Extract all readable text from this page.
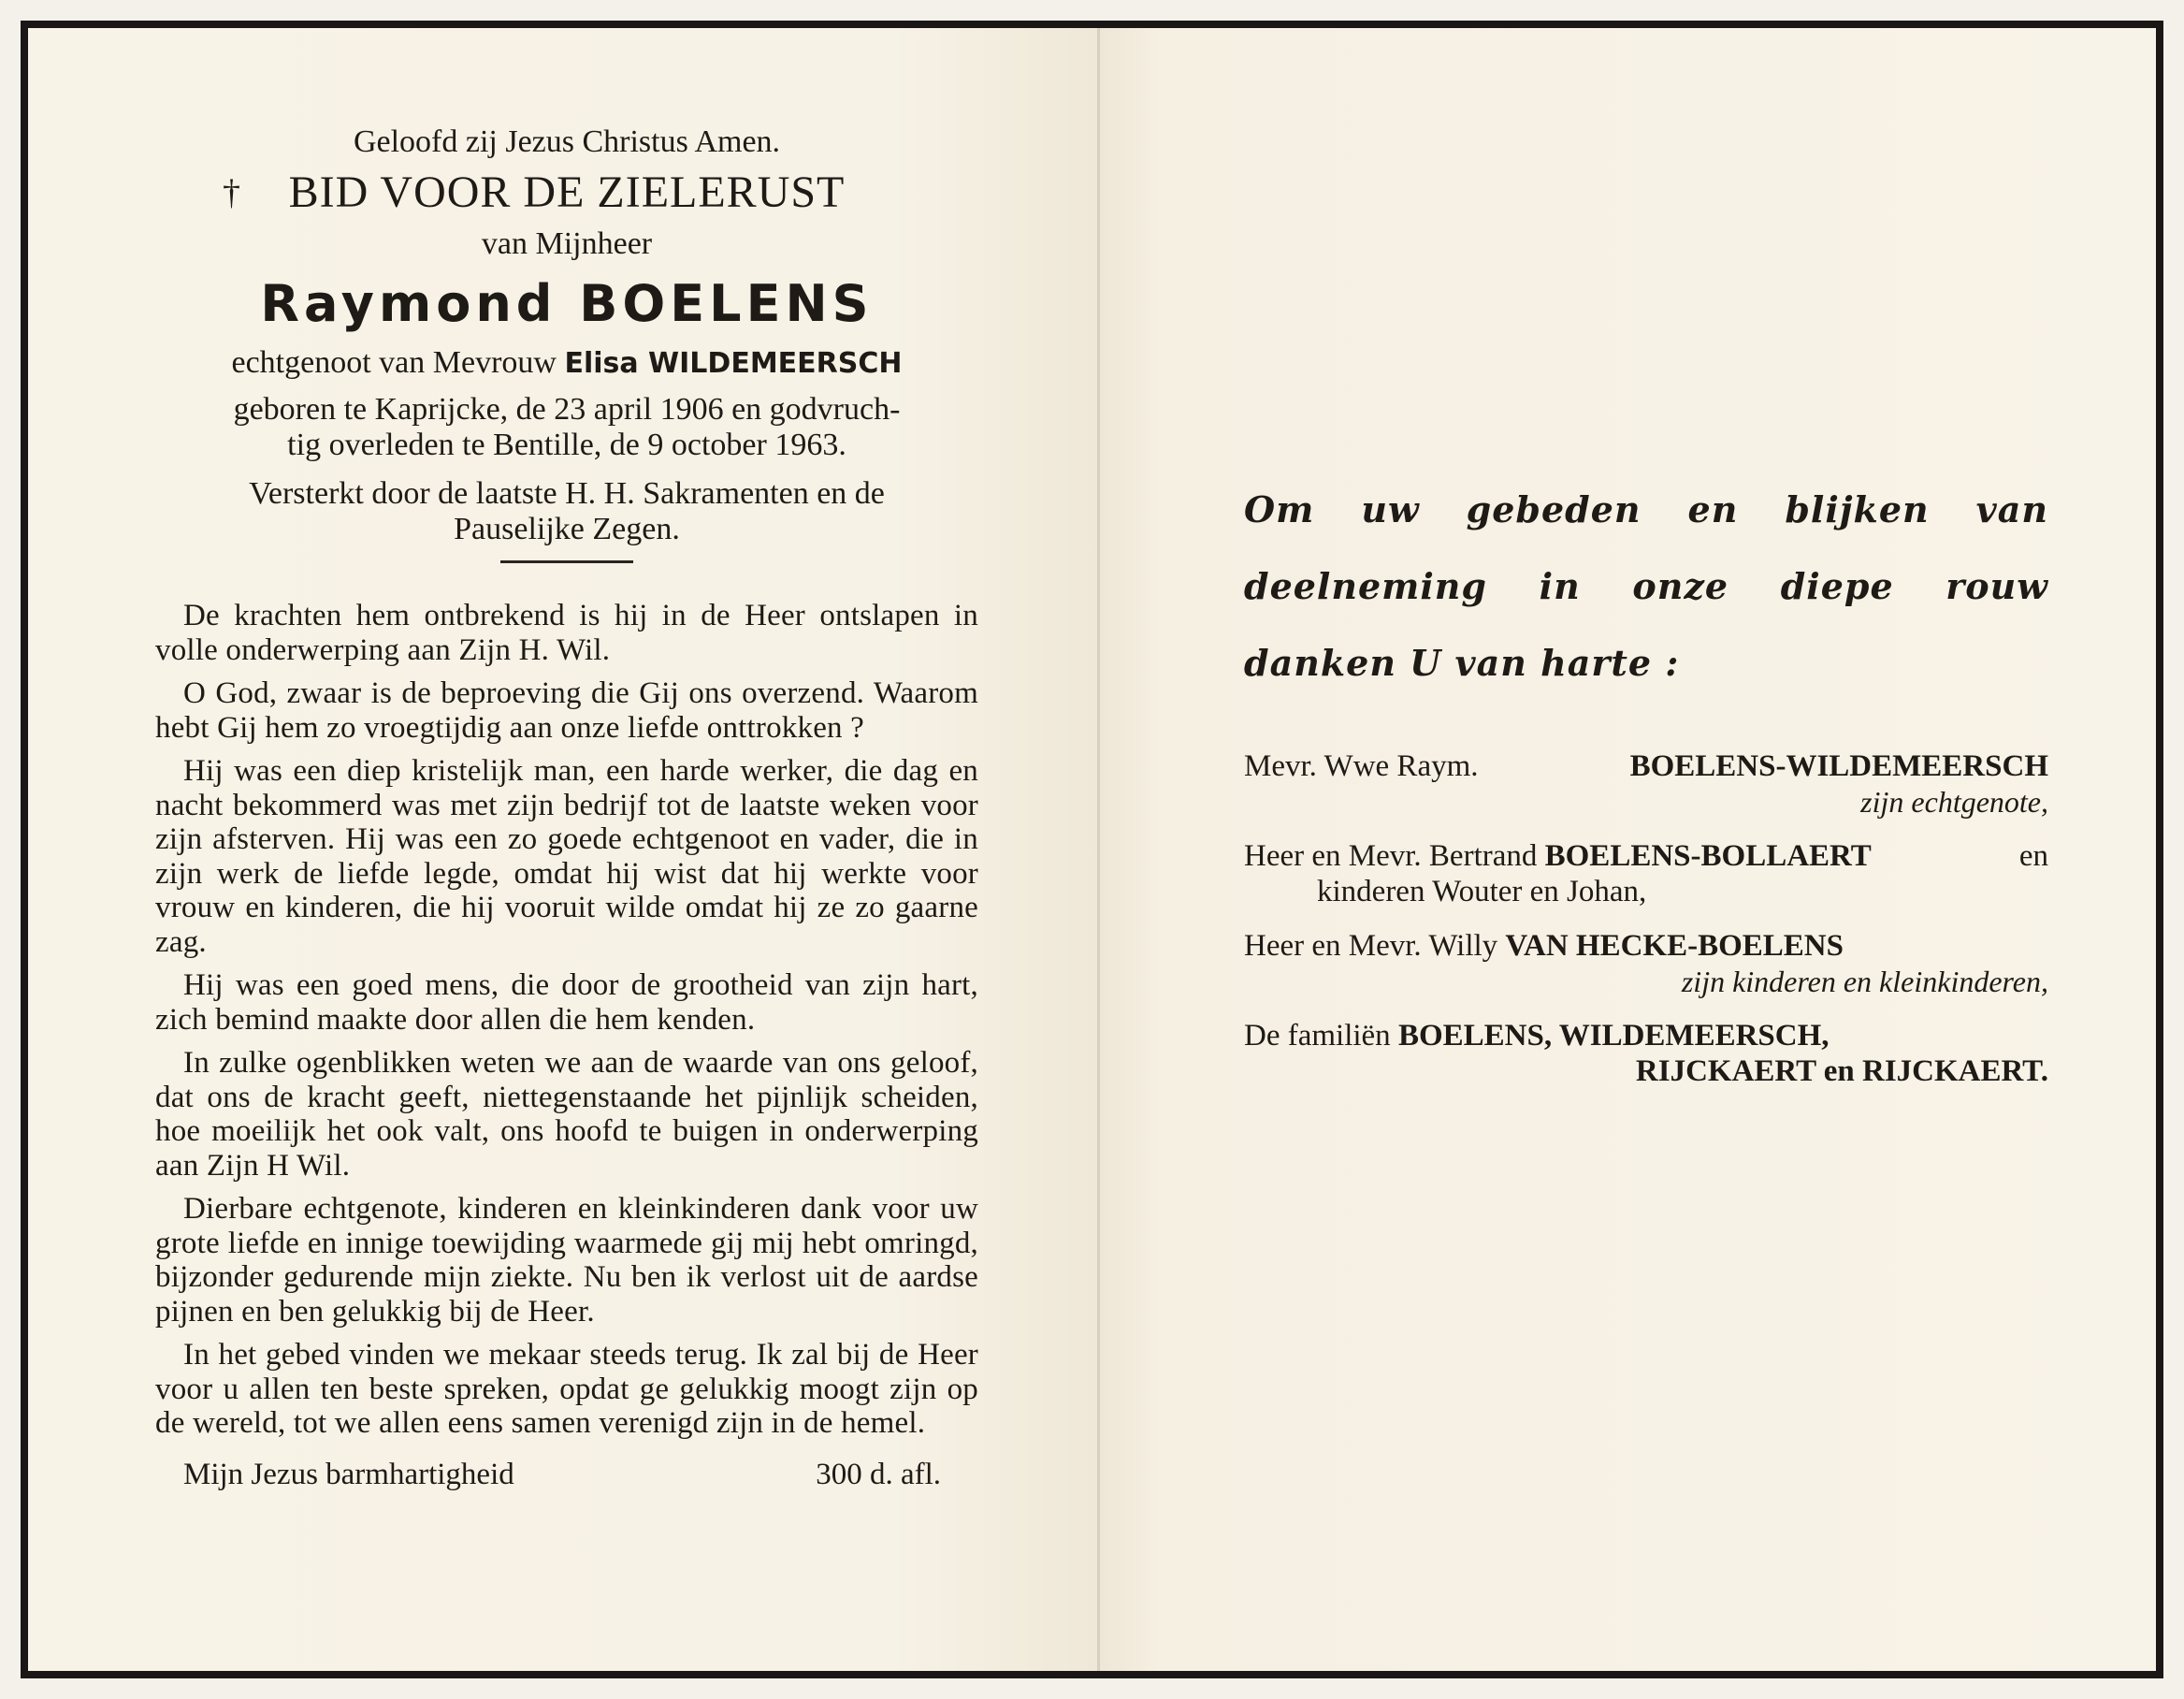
Geloofd zij Jezus Christus Amen.

† BID VOOR DE ZIELERUST

van Mijnheer

Raymond BOELENS

echtgenoot van Mevrouw Elisa WILDEMEERSCH

geboren te Kaprijcke, de 23 april 1906 en godvruch-
tig overleden te Bentille, de 9 october 1963.

Versterkt door de laatste H. H. Sakramenten en de
Pauselijke Zegen.

De krachten hem ontbrekend is hij in de Heer ontslapen in volle onderwerping aan Zijn H. Wil.

O God, zwaar is de beproeving die Gij ons overzend. Waarom hebt Gij hem zo vroegtijdig aan onze liefde onttrokken ?

Hij was een diep kristelijk man, een harde werker, die dag en nacht bekommerd was met zijn bedrijf tot de laatste weken voor zijn afsterven. Hij was een zo goede echtgenoot en vader, die in zijn werk de liefde legde, omdat hij wist dat hij werkte voor vrouw en kinderen, die hij vooruit wilde omdat hij ze zo gaarne zag.

Hij was een goed mens, die door de grootheid van zijn hart, zich bemind maakte door allen die hem kenden.

In zulke ogenblikken weten we aan de waarde van ons geloof, dat ons de kracht geeft, niettegenstaande het pijnlijk scheiden, hoe moeilijk het ook valt, ons hoofd te buigen in onderwerping aan Zijn H Wil.

Dierbare echtgenote, kinderen en kleinkinderen dank voor uw grote liefde en innige toewijding waarmede gij mij hebt omringd, bijzonder gedurende mijn ziekte. Nu ben ik verlost uit de aardse pijnen en ben gelukkig bij de Heer.

In het gebed vinden we mekaar steeds terug. Ik zal bij de Heer voor u allen ten beste spreken, opdat ge gelukkig moogt zijn op de wereld, tot we allen eens samen verenigd zijn in de hemel.

Mijn Jezus barmhartigheid	300 d. afl.

Om uw gebeden en blijken van deelneming in onze diepe rouw danken U van harte :

Mevr. Wwe Raym.	BOELENS-WILDEMEERSCH

zijn echtgenote,

Heer en Mevr. Bertrand BOELENS-BOLLAERT	en

kinderen Wouter en Johan,

Heer en Mevr. Willy VAN HECKE-BOELENS

zijn kinderen en kleinkinderen,

De familiën BOELENS, WILDEMEERSCH,

RIJCKAERT en RIJCKAERT.
